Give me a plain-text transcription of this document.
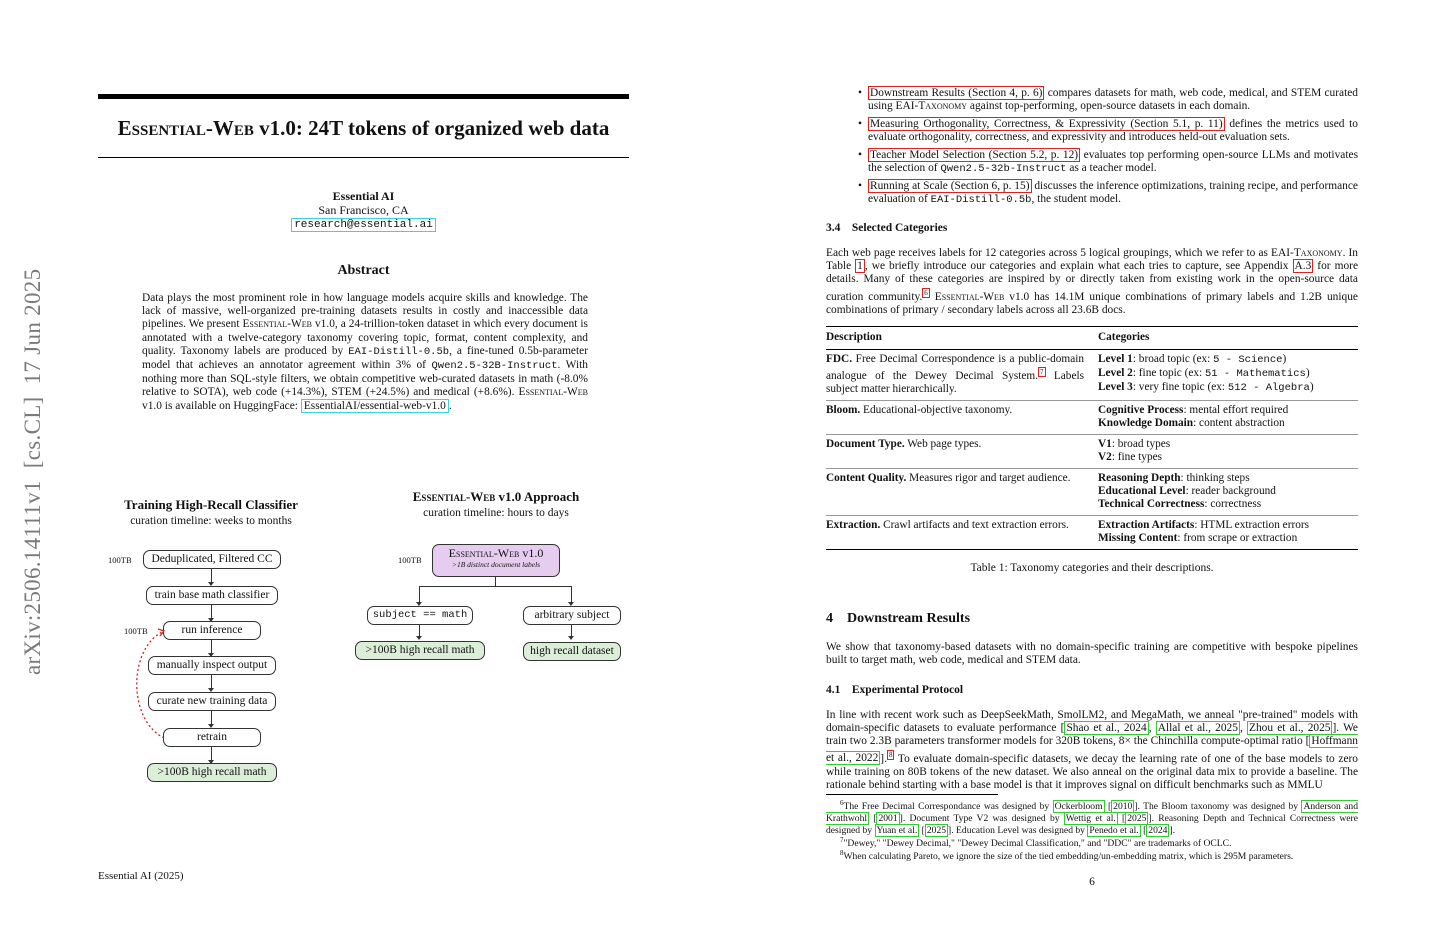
arXiv:2506.14111v1  [cs.CL]  17 Jun 2025
Essential-Web v1.0: 24T tokens of organized web data
Essential AI
San Francisco, CA
research@essential.ai
Abstract
Data plays the most prominent role in how language models acquire skills and knowledge. The lack of massive, well-organized pre-training datasets results in costly and inaccessible data pipelines. We present Essential-Web v1.0, a 24-trillion-token dataset in which every document is annotated with a twelve-category taxonomy covering topic, format, content complexity, and quality. Taxonomy labels are produced by EAI-Distill-0.5b, a fine-tuned 0.5b-parameter model that achieves an annotator agreement within 3% of Qwen2.5-32B-Instruct. With nothing more than SQL-style filters, we obtain competitive web-curated datasets in math (-8.0% relative to SOTA), web code (+14.3%), STEM (+24.5%) and medical (+8.6%). Essential-Web v1.0 is available on HuggingFace: EssentialAI/essential-web-v1.0 .
Training High-Recall Classifier
curation timeline: weeks to months
100TB	Deduplicated, Filtered CC
train base math classifier
100TB	run inference
manually inspect output
curate new training data
retrain
>100B high recall math
Essential-Web v1.0 Approach
curation timeline: hours to days
100TB	Essential-Web v1.0
>1B distinct document labels
subject == math	arbitrary subject
>100B high recall math	high recall dataset
Essential AI (2025)
• Downstream Results (Section 4, p. 6) compares datasets for math, web code, medical, and STEM curated using EAI-Taxonomy against top-performing, open-source datasets in each domain.
• Measuring Orthogonality, Correctness, & Expressivity (Section 5.1, p. 11) defines the metrics used to evaluate orthogonality, correctness, and expressivity and introduces held-out evaluation sets.
• Teacher Model Selection (Section 5.2, p. 12) evaluates top performing open-source LLMs and motivates the selection of Qwen2.5-32b-Instruct as a teacher model.
• Running at Scale (Section 6, p. 15) discusses the inference optimizations, training recipe, and performance evaluation of EAI-Distill-0.5b, the student model.
3.4 Selected Categories
Each web page receives labels for 12 categories across 5 logical groupings, which we refer to as EAI-Taxonomy. In Table 1 , we briefly introduce our categories and explain what each tries to capture, see Appendix A.3 for more details. Many of these categories are inspired by or directly taken from existing work in the open-source data curation community. $^6$ Essential-Web v1.0 has 14.1M unique combinations of primary labels and 1.2B unique combinations of primary / secondary labels across all 23.6B docs.
Description	Categories
FDC. Free Decimal Correspondence is a public-domain analogue of the Dewey Decimal System. $^7$ Labels subject matter hierarchically.	Level 1: broad topic (ex: 5 - Science)
Level 2: fine topic (ex: 51 - Mathematics)
Level 3: very fine topic (ex: 512 - Algebra)

Bloom. Educational-objective taxonomy.	Cognitive Process: mental effort required
Knowledge Domain: content abstraction

Document Type. Web page types.	V1: broad types
V2: fine types

Content Quality. Measures rigor and target audience.	Reasoning Depth: thinking steps
Educational Level: reader background
Technical Correctness: correctness

Extraction. Crawl artifacts and text extraction errors.	Extraction Artifacts: HTML extraction errors
Missing Content: from scrape or extraction
Table 1: Taxonomy categories and their descriptions.
4 Downstream Results
We show that taxonomy-based datasets with no domain-specific training are competitive with bespoke pipelines built to target math, web code, medical and STEM data.
4.1 Experimental Protocol
In line with recent work such as DeepSeekMath, SmolLM2, and MegaMath, we anneal "pre-trained" models with domain-specific datasets to evaluate performance [ Shao et al., 2024 , Allal et al., 2025 , Zhou et al., 2025 ]. We train two 2.3B parameters transformer models for 320B tokens, 8× the Chinchilla compute-optimal ratio [ Hoffmann et al., 2022 ]. $^8$ To evaluate domain-specific datasets, we decay the learning rate of one of the base models to zero while training on 80B tokens of the new dataset. We also anneal on the original data mix to provide a baseline. The rationale behind starting with a base model is that it improves signal on difficult benchmarks such as MMLU
$^6$The Free Decimal Correspondance was designed by Ockerbloom [ 2010 ]. The Bloom taxonomy was designed by Anderson and Krathwohl [ 2001 ]. Document Type V2 was designed by Wettig et al. [ 2025 ]. Reasoning Depth and Technical Correctness were designed by Yuan et al. [ 2025 ]. Education Level was designed by Penedo et al. [ 2024 ].
$^7$"Dewey," "Dewey Decimal," "Dewey Decimal Classification," and "DDC" are trademarks of OCLC.
$^8$When calculating Pareto, we ignore the size of the tied embedding/un-embedding matrix, which is 295M parameters.
6
